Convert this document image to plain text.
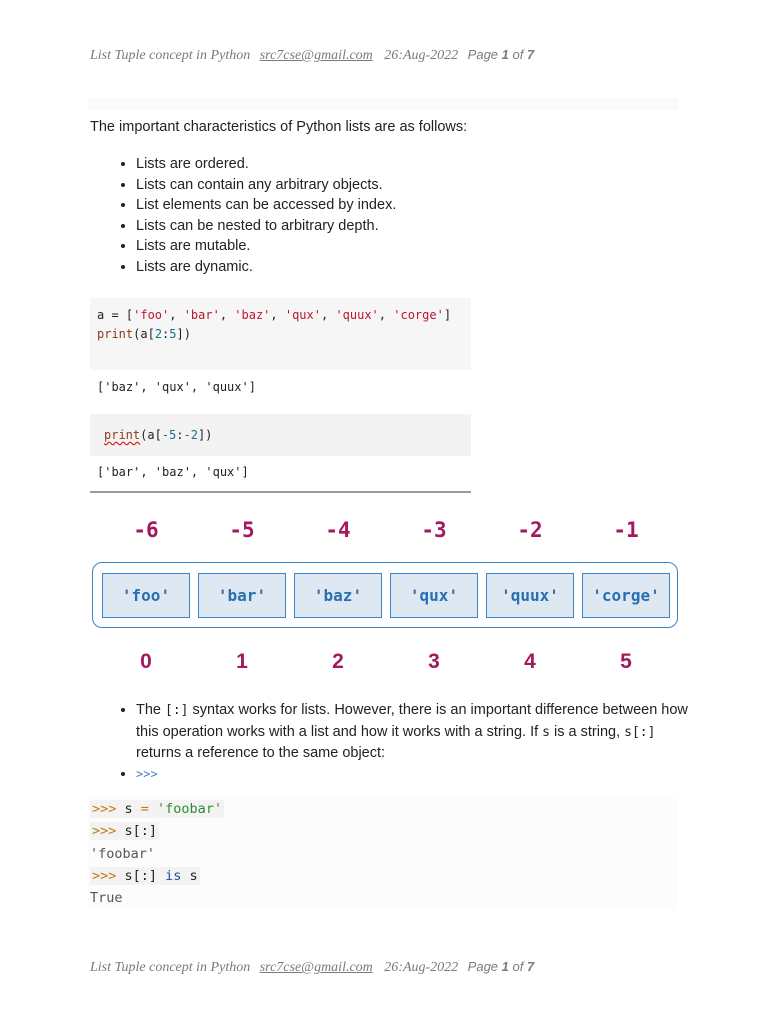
List Tuple concept in Python src7cse@gmail.com 26:Aug-2022 Page 1 of 7
The important characteristics of Python lists are as follows:
• Lists are ordered.
• Lists can contain any arbitrary objects.
• List elements can be accessed by index.
• Lists can be nested to arbitrary depth.
• Lists are mutable.
• Lists are dynamic.
a = ['foo', 'bar', 'baz', 'qux', 'quux', 'corge']
print(a[2:5])
['baz', 'qux', 'quux']
print(a[-5:-2])
['bar', 'baz', 'qux']
-6	-5	-4	-3	-2	-1
'foo'	'bar'	'baz'	'qux'	'quux'	'corge'
0	1	2	3	4	5
• The [:] syntax works for lists. However, there is an important difference between how this operation works with a list and how it works with a string. If s is a string, s[:] returns a reference to the same object:
• >>>
>>> s = 'foobar'
>>> s[:]
'foobar'
>>> s[:] is s
True
List Tuple concept in Python src7cse@gmail.com 26:Aug-2022 Page 1 of 7
